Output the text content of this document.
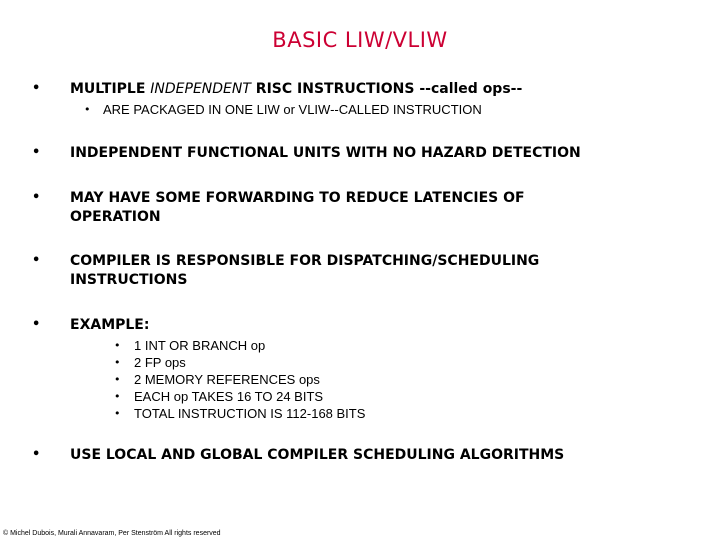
BASIC LIW/VLIW
• MULTIPLE INDEPENDENT RISC INSTRUCTIONS --called ops--
• ARE PACKAGED IN ONE LIW or VLIW--CALLED INSTRUCTION
• INDEPENDENT FUNCTIONAL UNITS WITH NO HAZARD DETECTION
• MAY HAVE SOME FORWARDING TO REDUCE LATENCIES OF
OPERATION
• COMPILER IS RESPONSIBLE FOR DISPATCHING/SCHEDULING
INSTRUCTIONS
• EXAMPLE:
• 1 INT OR BRANCH op
• 2 FP ops
• 2 MEMORY REFERENCES ops
• EACH op TAKES 16 TO 24 BITS
• TOTAL INSTRUCTION IS 112-168 BITS
• USE LOCAL AND GLOBAL COMPILER SCHEDULING ALGORITHMS
© Michel Dubois, Murali Annavaram, Per Stenström All rights reserved
